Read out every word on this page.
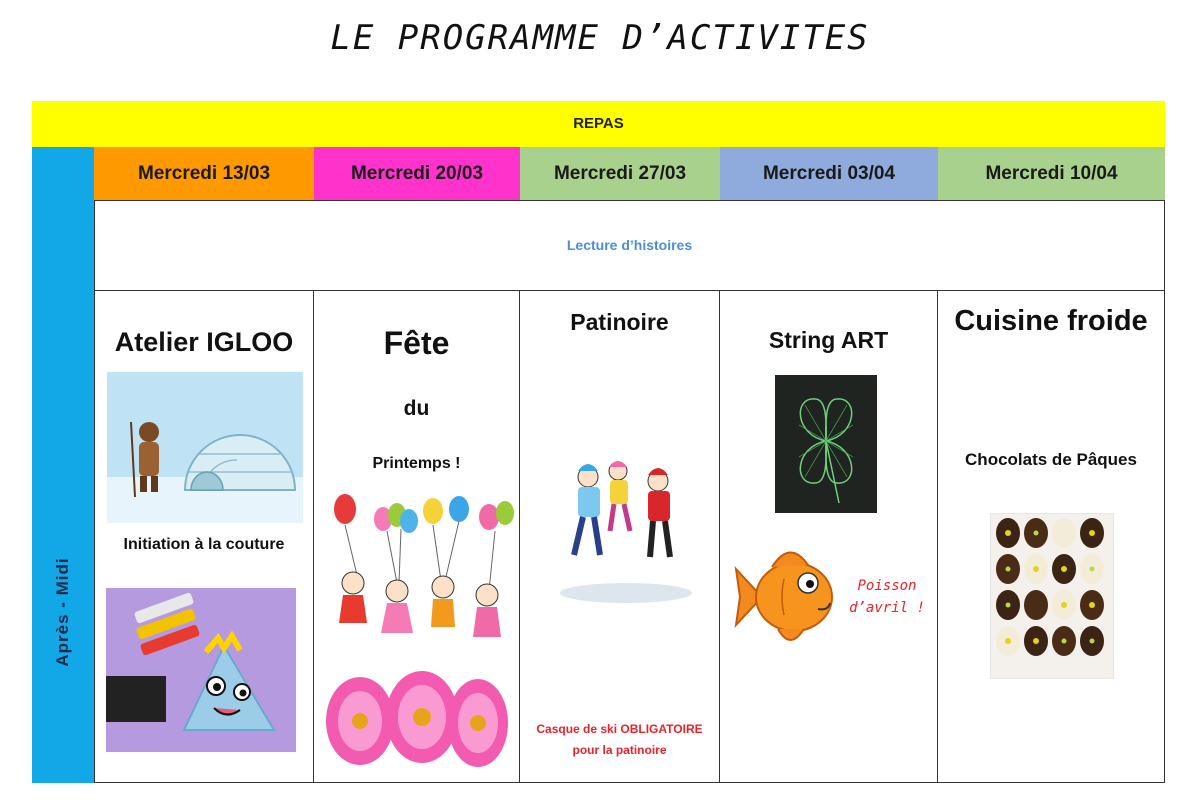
LE PROGRAMME D’ACTIVITES
REPAS
Après - Midi
Mercredi 13/03	Mercredi 20/03	Mercredi 27/03	Mercredi 03/04	Mercredi 10/04
Lecture d’histoires
Atelier IGLOO
Initiation à la couture
Fête
du
Printemps !
Patinoire
Casque de ski OBLIGATOIRE
pour la patinoire
String ART
Poisson
d’avril !
Cuisine froide
Chocolats de Pâques
